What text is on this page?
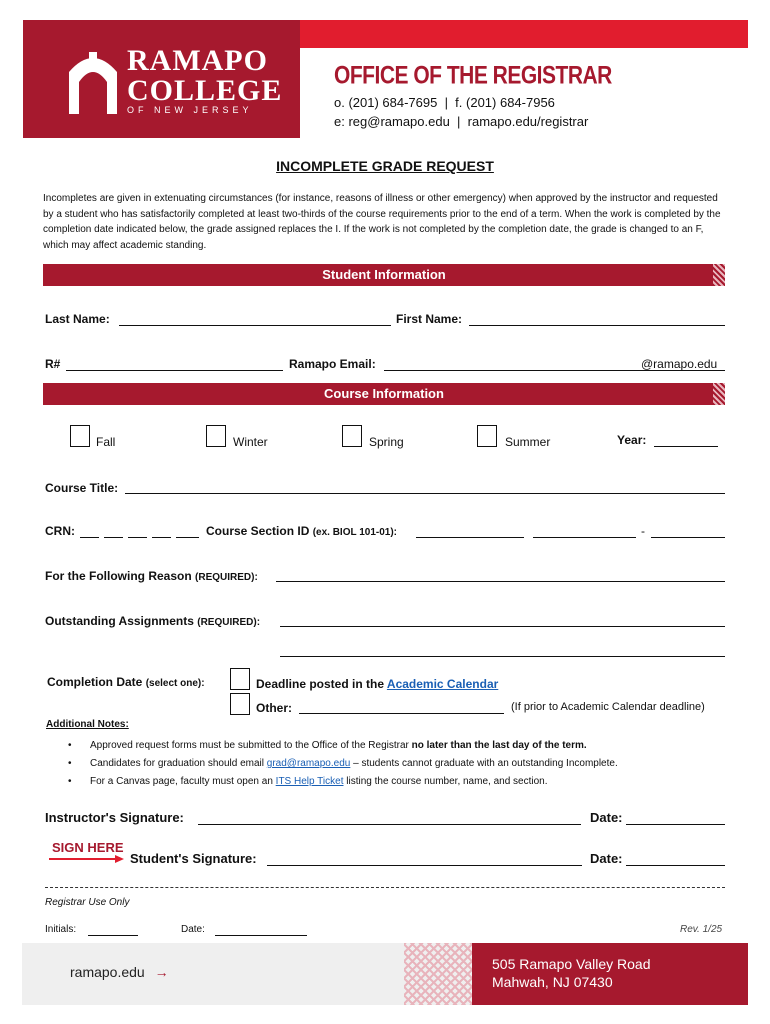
RAMAPO
COLLEGE
OF NEW JERSEY
OFFICE OF THE REGISTRAR
o. (201) 684-7695  |  f. (201) 684-7956
e: reg@ramapo.edu  |  ramapo.edu/registrar
INCOMPLETE GRADE REQUEST
Incompletes are given in extenuating circumstances (for instance, reasons of illness or other emergency) when approved by the instructor and requested by a student who has satisfactorily completed at least two-thirds of the course requirements prior to the end of a term. When the work is completed by the completion date indicated below, the grade assigned replaces the I. If the work is not completed by the completion date, the grade is changed to an F, which may affect academic standing.
Student Information
Last Name:	First Name:
R#	Ramapo Email:	@ramapo.edu
Course Information
Fall	Winter	Spring	Summer	Year:
Course Title:
CRN:	Course Section ID (ex. BIOL 101-01):	-
For the Following Reason (REQUIRED):
Outstanding Assignments (REQUIRED):
Completion Date (select one):	Deadline posted in the Academic Calendar
Other:	(If prior to Academic Calendar deadline)
Additional Notes:
• Approved request forms must be submitted to the Office of the Registrar no later than the last day of the term.
• Candidates for graduation should email grad@ramapo.edu – students cannot graduate with an outstanding Incomplete.
• For a Canvas page, faculty must open an ITS Help Ticket listing the course number, name, and section.
Instructor's Signature:	Date:
SIGN HERE
Student's Signature:	Date:
Registrar Use Only
Initials:	Date:	Rev. 1/25
ramapo.edu →	505 Ramapo Valley Road
Mahwah, NJ 07430
